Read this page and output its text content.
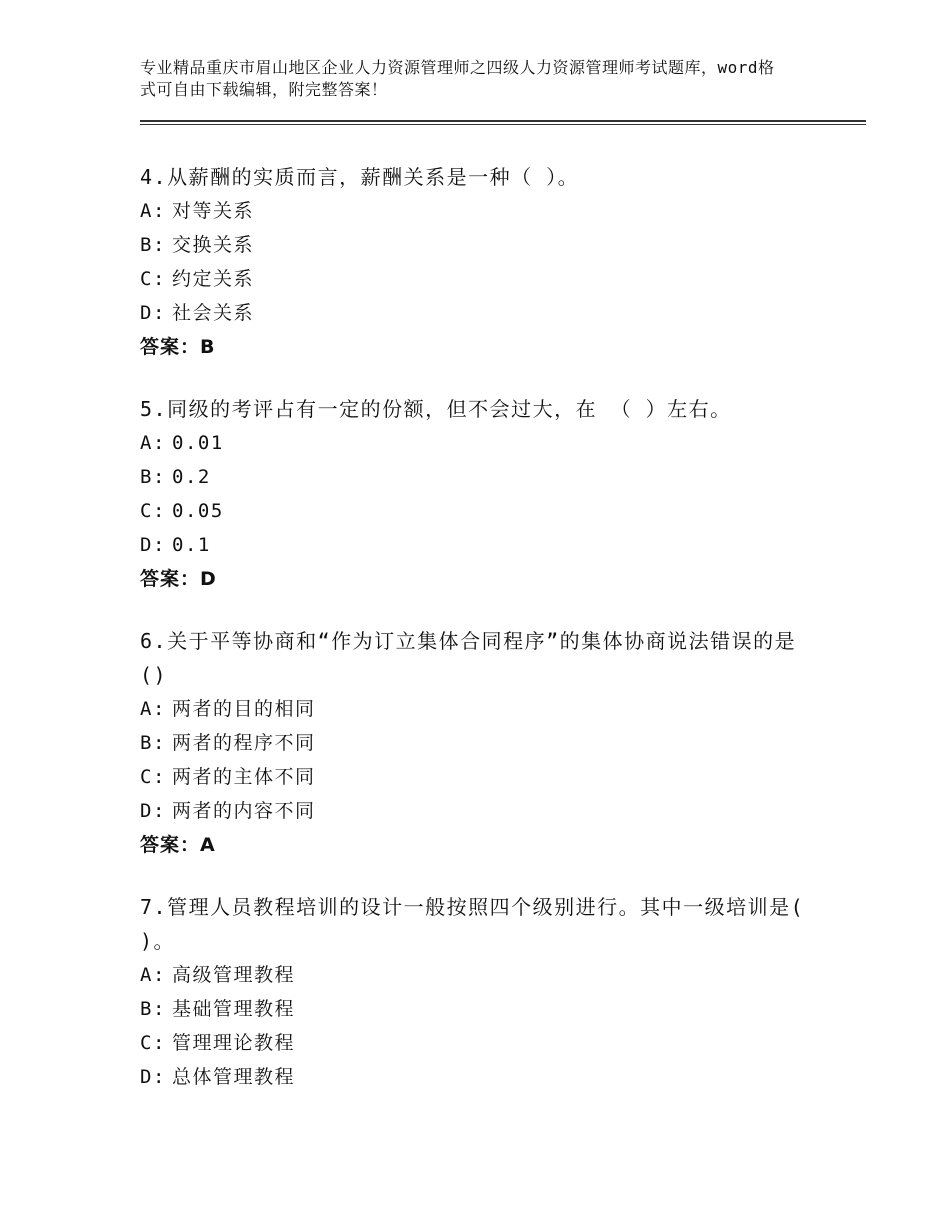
专业精品重庆市眉山地区企业人力资源管理师之四级人力资源管理师考试题库，word格式可自由下载编辑，附完整答案！

4.从薪酬的实质而言，薪酬关系是一种（ ）。

A: 对等关系
B: 交换关系
C: 约定关系
D: 社会关系
答案：B

5.同级的考评占有一定的份额，但不会过大，在 （ ）左右。

A: 0.01
B: 0.2
C: 0.05
D: 0.1
答案：D

6.关于平等协商和“作为订立集体合同程序”的集体协商说法错误的是()

A: 两者的目的相同
B: 两者的程序不同
C: 两者的主体不同
D: 两者的内容不同
答案：A

7.管理人员教程培训的设计一般按照四个级别进行。其中一级培训是( )。

A: 高级管理教程
B: 基础管理教程
C: 管理理论教程
D: 总体管理教程
